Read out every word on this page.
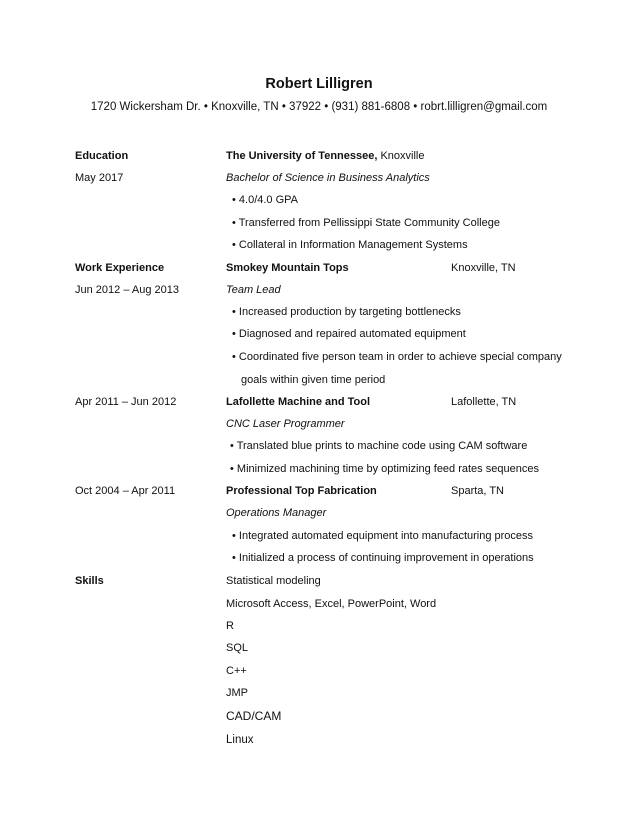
Robert Lilligren
1720 Wickersham Dr. • Knoxville, TN • 37922 • (931) 881-6808 • robrt.lilligren@gmail.com
Education	The University of Tennessee, Knoxville
May 2017	Bachelor of Science in Business Analytics
• 4.0/4.0 GPA
• Transferred from Pellissippi State Community College
• Collateral in Information Management Systems
Work Experience	Smokey Mountain Tops	Knoxville, TN
Jun 2012 – Aug 2013	Team Lead
• Increased production by targeting bottlenecks
• Diagnosed and repaired automated equipment
• Coordinated five person team in order to achieve special company
goals within given time period
Apr 2011 – Jun 2012	Lafollette Machine and Tool	Lafollette, TN
CNC Laser Programmer
• Translated blue prints to machine code using CAM software
• Minimized machining time by optimizing feed rates sequences
Oct 2004 – Apr 2011	Professional Top Fabrication	Sparta, TN
Operations Manager
• Integrated automated equipment into manufacturing process
• Initialized a process of continuing improvement in operations
Skills	Statistical modeling
Microsoft Access, Excel, PowerPoint, Word
R
SQL
C++
JMP
CAD/CAM
Linux
